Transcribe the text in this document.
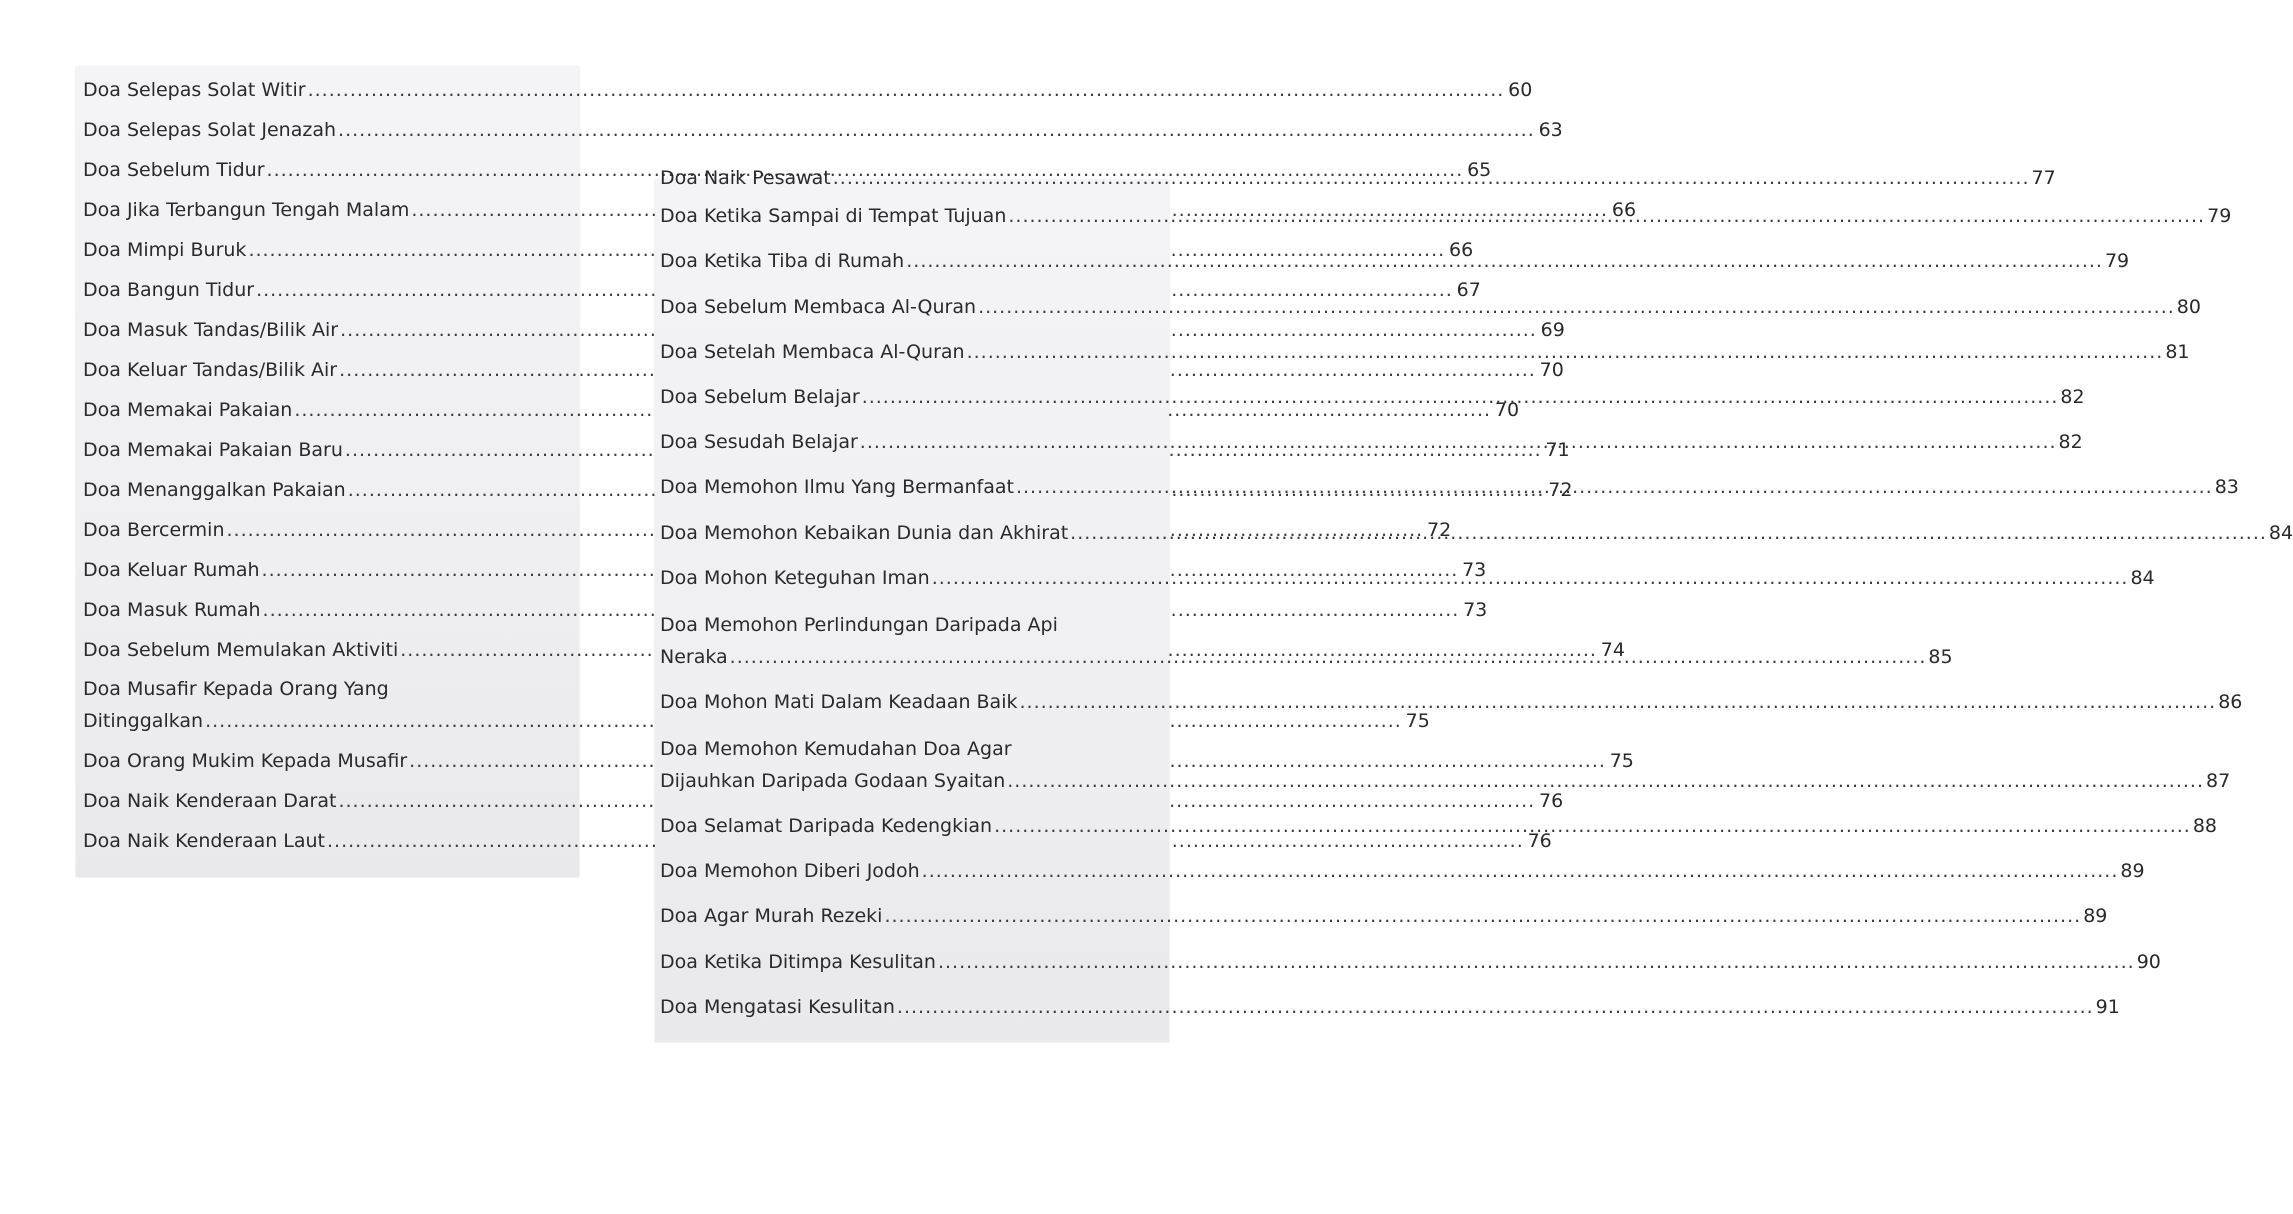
Doa Selepas Solat Witir .....	60
Doa Selepas Solat Jenazah .....	63
Doa Sebelum Tidur .....	65
Doa Jika Terbangun Tengah Malam .....	66
Doa Mimpi Buruk .....	66
Doa Bangun Tidur .....	67
Doa Masuk Tandas/Bilik Air .....	69
Doa Keluar Tandas/Bilik Air .....	70
Doa Memakai Pakaian .....	70
Doa Memakai Pakaian Baru .....	71
Doa Menanggalkan Pakaian .....	72
Doa Bercermin .....	72
Doa Keluar Rumah .....	73
Doa Masuk Rumah .....	73
Doa Sebelum Memulakan Aktiviti .....	74
Doa Musafir Kepada Orang Yang
Ditinggalkan .....	75
Doa Orang Mukim Kepada Musafir .....	75
Doa Naik Kenderaan Darat .....	76
Doa Naik Kenderaan Laut .....	76
Doa Naik Pesawat .....	77
Doa Ketika Sampai di Tempat Tujuan .....	79
Doa Ketika Tiba di Rumah .....	79
Doa Sebelum Membaca Al-Quran .....	80
Doa Setelah Membaca Al-Quran .....	81
Doa Sebelum Belajar .....	82
Doa Sesudah Belajar .....	82
Doa Memohon Ilmu Yang Bermanfaat .....	83
Doa Memohon Kebaikan Dunia dan Akhirat .....	84
Doa Mohon Keteguhan Iman .....	84
Doa Memohon Perlindungan Daripada Api
Neraka .....	85
Doa Mohon Mati Dalam Keadaan Baik .....	86
Doa Memohon Kemudahan Doa Agar
Dijauhkan Daripada Godaan Syaitan .....	87
Doa Selamat Daripada Kedengkian .....	88
Doa Memohon Diberi Jodoh .....	89
Doa Agar Murah Rezeki .....	89
Doa Ketika Ditimpa Kesulitan .....	90
Doa Mengatasi Kesulitan .....	91
